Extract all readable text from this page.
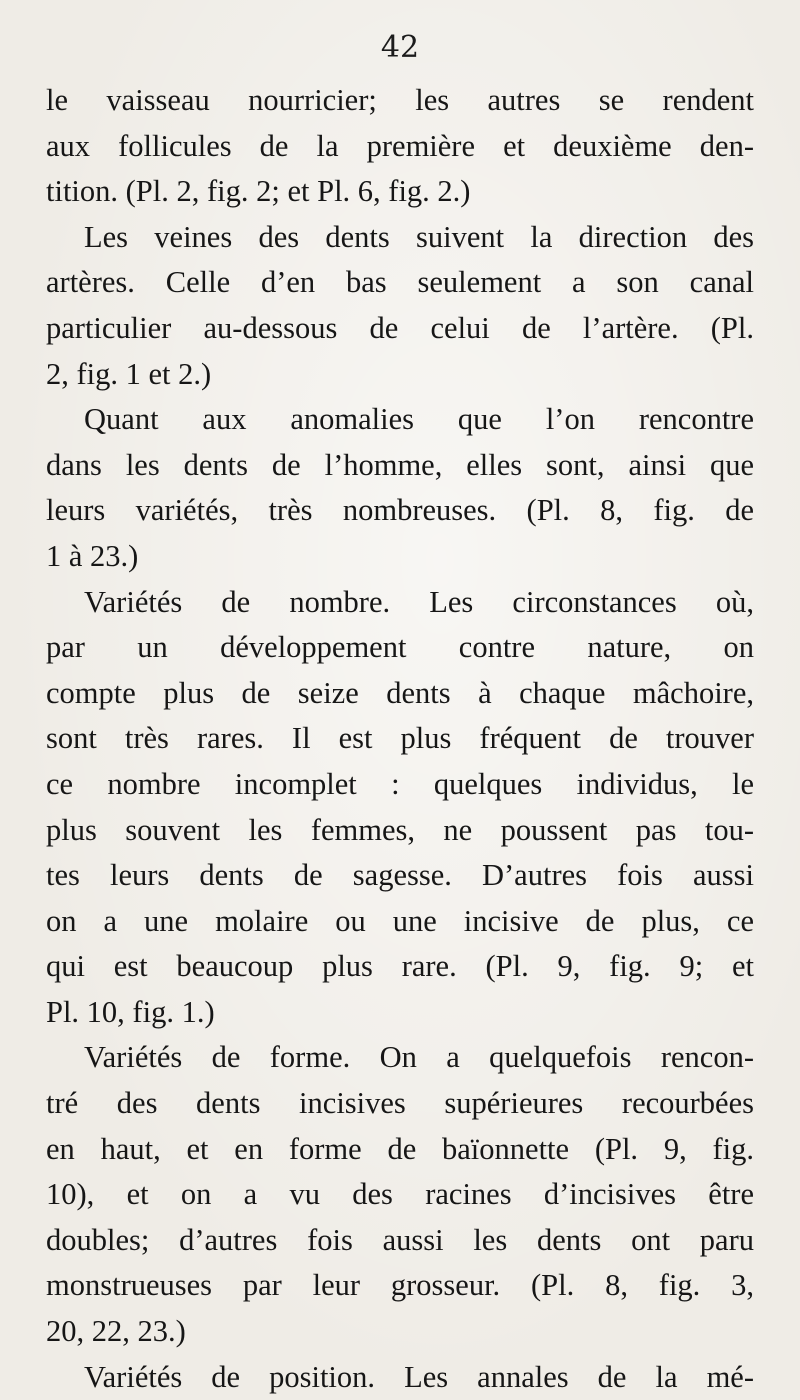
42
le vaisseau nourricier; les autres se rendent
aux follicules de la première et deuxième den-
tition. (Pl. 2, fig. 2; et Pl. 6, fig. 2.)
Les veines des dents suivent la direction des
artères. Celle d’en bas seulement a son canal
particulier au-dessous de celui de l’artère. (Pl.
2, fig. 1 et 2.)
Quant aux anomalies que l’on rencontre
dans les dents de l’homme, elles sont, ainsi que
leurs variétés, très nombreuses. (Pl. 8, fig. de
1 à 23.)
Variétés de nombre. Les circonstances où,
par un développement contre nature, on
compte plus de seize dents à chaque mâchoire,
sont très rares. Il est plus fréquent de trouver
ce nombre incomplet : quelques individus, le
plus souvent les femmes, ne poussent pas tou-
tes leurs dents de sagesse. D’autres fois aussi
on a une molaire ou une incisive de plus, ce
qui est beaucoup plus rare. (Pl. 9, fig. 9; et
Pl. 10, fig. 1.)
Variétés de forme. On a quelquefois rencon-
tré des dents incisives supérieures recourbées
en haut, et en forme de baïonnette (Pl. 9, fig.
10), et on a vu des racines d’incisives être
doubles; d’autres fois aussi les dents ont paru
monstrueuses par leur grosseur. (Pl. 8, fig. 3,
20, 22, 23.)
Variétés de position. Les annales de la mé-
